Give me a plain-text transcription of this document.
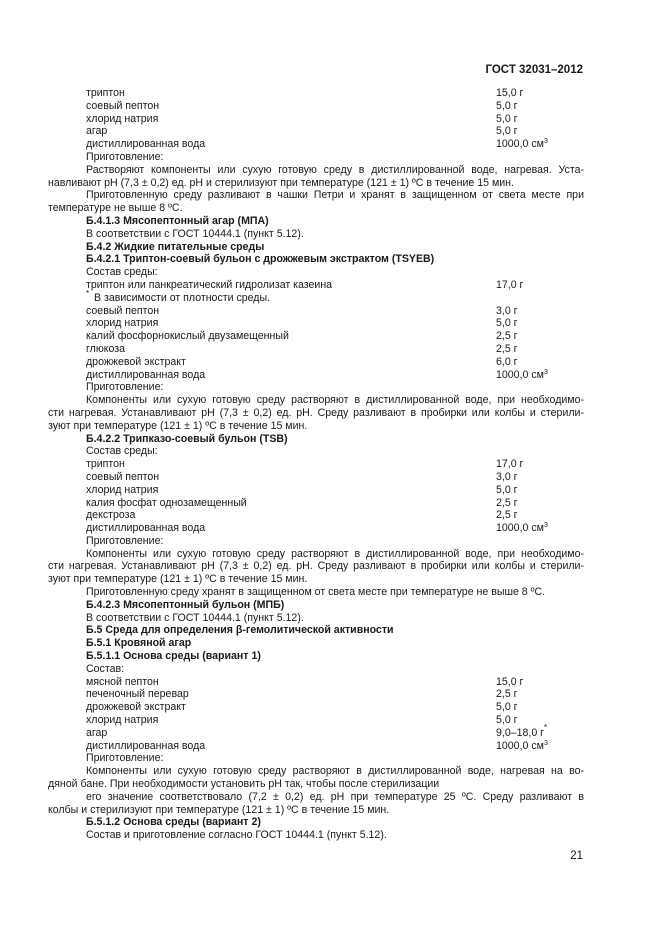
ГОСТ 32031–2012
триптон	15,0 г
соевый пептон	5,0 г
хлорид натрия	5,0 г
агар	5,0 г
дистиллированная вода	1000,0 $см^3$
Приготовление:
Растворяют компоненты или сухую готовую среду в дистиллированной воде, нагревая. Уста-
навливают pH (7,3 ± 0,2) ед. pH и стерилизуют при температуре (121 ± 1) ºС в течение 15 мин.
Приготовленную среду разливают в чашки Петри и хранят в защищенном от света месте при
температуре не выше 8 ºС.
Б.4.1.3 Мясопептонный агар (МПА)
В соответствии с ГОСТ 10444.1 (пункт 5.12).
Б.4.2 Жидкие питательные среды
Б.4.2.1 Триптон-соевый бульон с дрожжевым экстрактом (TSYEB)
Состав среды:
триптон или панкреатический гидролизат казеина	17,0 г
* В зависимости от плотности среды.
соевый пептон	3,0 г
хлорид натрия	5,0 г
калий фосфорнокислый двузамещенный	2,5 г
глюкоза	2,5 г
дрожжевой экстракт	6,0 г
дистиллированная вода	1000,0 $см^3$
Приготовление:
Компоненты или сухую готовую среду растворяют в дистиллированной воде, при необходимо-
сти нагревая. Устанавливают pH (7,3 ± 0,2) ед. pH. Среду разливают в пробирки или колбы и стерили-
зуют при температуре (121 ± 1) ºС в течение 15 мин.
Б.4.2.2 Трипказо-соевый бульон (TSB)
Состав среды:
триптон	17,0 г
соевый пептон	3,0 г
хлорид натрия	5,0 г
калия фосфат однозамещенный	2,5 г
декстроза	2,5 г
дистиллированная вода	1000,0 $см^3$
Приготовление:
Компоненты или сухую готовую среду растворяют в дистиллированной воде, при необходимо-
сти нагревая. Устанавливают pH (7,3 ± 0,2) ед. pH. Среду разливают в пробирки или колбы и стерили-
зуют при температуре (121 ± 1) ºС в течение 15 мин.
Приготовленную среду хранят в защищенном от света месте при температуре не выше 8 ºС.
Б.4.2.3 Мясопептонный бульон (МПБ)
В соответствии с ГОСТ 10444.1 (пункт 5.12).
Б.5 Среда для определения β-гемолитической активности
Б.5.1 Кровяной агар
Б.5.1.1 Основа среды (вариант 1)
Состав:
мясной пептон	15,0 г
печеночный перевар	2,5 г
дрожжевой экстракт	5,0 г
хлорид натрия	5,0 г
агар	9,0–18,0 г *
дистиллированная вода	1000,0 $см^3$
Приготовление:
Компоненты или сухую готовую среду растворяют в дистиллированной воде, нагревая на во-
дяной бане. При необходимости установить pH так, чтобы после стерилизации
его значение соответствовало (7,2 ± 0,2) ед. pH при температуре 25 ºС. Среду разливают в
колбы и стерилизуют при температуре (121 ± 1) ºС в течение 15 мин.
Б.5.1.2 Основа среды (вариант 2)
Состав и приготовление согласно ГОСТ 10444.1 (пункт 5.12).
21
